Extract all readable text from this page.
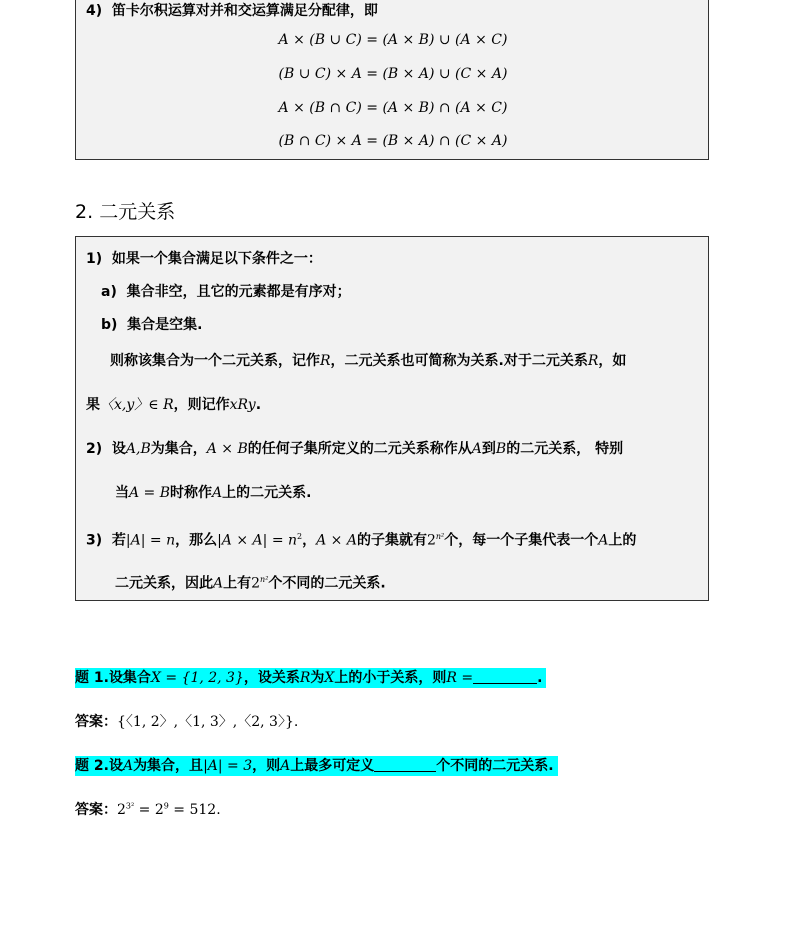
4) 笛卡尔积运算对并和交运算满足分配律，即
A × (B ∪ C) = (A × B) ∪ (A × C)
(B ∪ C) × A = (B × A) ∪ (C × A)
A × (B ∩ C) = (A × B) ∩ (A × C)
(B ∩ C) × A = (B × A) ∩ (C × A)
2. 二元关系
1) 如果一个集合满足以下条件之一：
a) 集合非空，且它的元素都是有序对；
b) 集合是空集.
则称该集合为一个二元关系，记作R，二元关系也可简称为关系.对于二元关系R，如
果〈x,y〉∈ R，则记作xRy.
2) 设A,B为集合，A × B的任何子集所定义的二元关系称作从A到B的二元关系， 特别
当A = B时称作A上的二元关系.
3) 若|A| = n，那么$|A \times A| = n^2$，A × A的子集就有$2^{n^2}$个，每一个子集代表一个A上的
二元关系，因此A上有$2^{n^2}$个不同的二元关系.
题 1.设集合X = {1, 2, 3}，设关系R为X上的小于关系，则R =	.
答案：{〈1, 2〉,〈1, 3〉,〈2, 3〉}.
题 2.设A为集合，且|A| = 3，则A上最多可定义	个不同的二元关系.
答案：$2^{3^2} = 2^9 = 512$.
